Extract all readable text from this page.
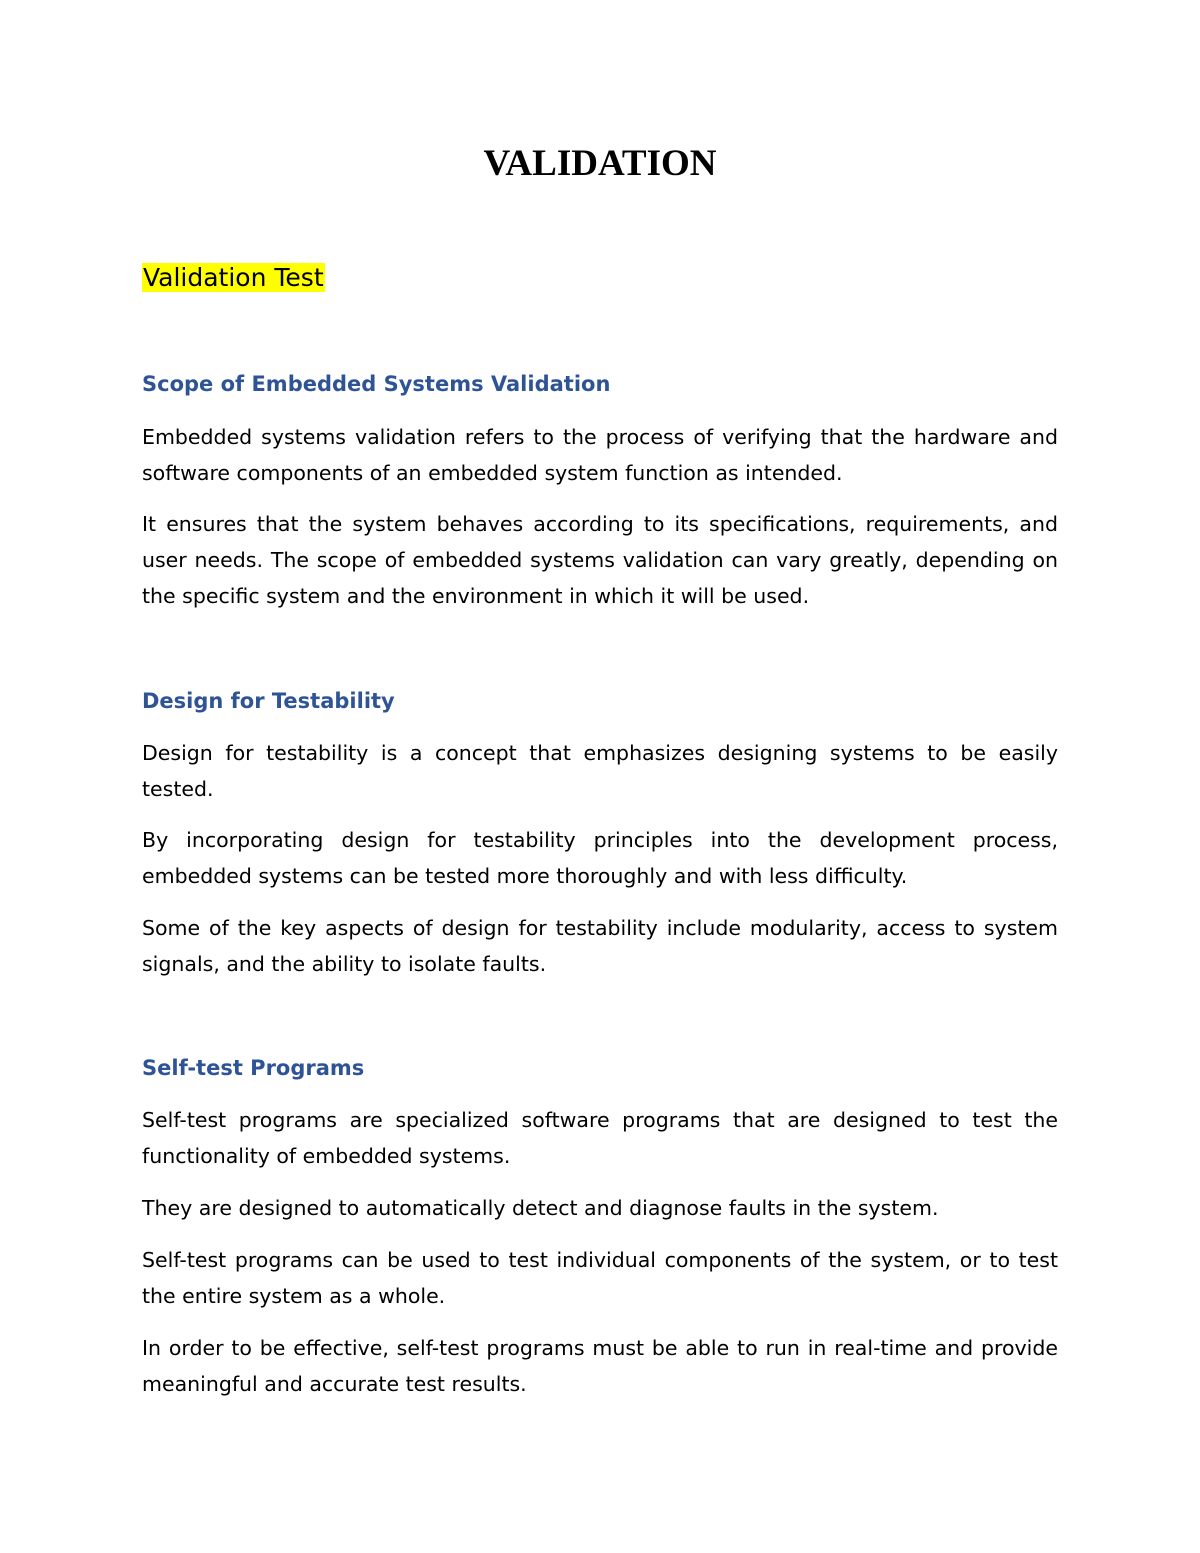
VALIDATION
Validation Test
Scope of Embedded Systems Validation

Embedded systems validation refers to the process of verifying that the hardware and software components of an embedded system function as intended.

It ensures that the system behaves according to its specifications, requirements, and user needs. The scope of embedded systems validation can vary greatly, depending on the specific system and the environment in which it will be used.

Design for Testability

Design for testability is a concept that emphasizes designing systems to be easily tested.

By incorporating design for testability principles into the development process, embedded systems can be tested more thoroughly and with less difficulty.

Some of the key aspects of design for testability include modularity, access to system signals, and the ability to isolate faults.

Self-test Programs

Self-test programs are specialized software programs that are designed to test the functionality of embedded systems.

They are designed to automatically detect and diagnose faults in the system.

Self-test programs can be used to test individual components of the system, or to test the entire system as a whole.

In order to be effective, self-test programs must be able to run in real-time and provide meaningful and accurate test results.
